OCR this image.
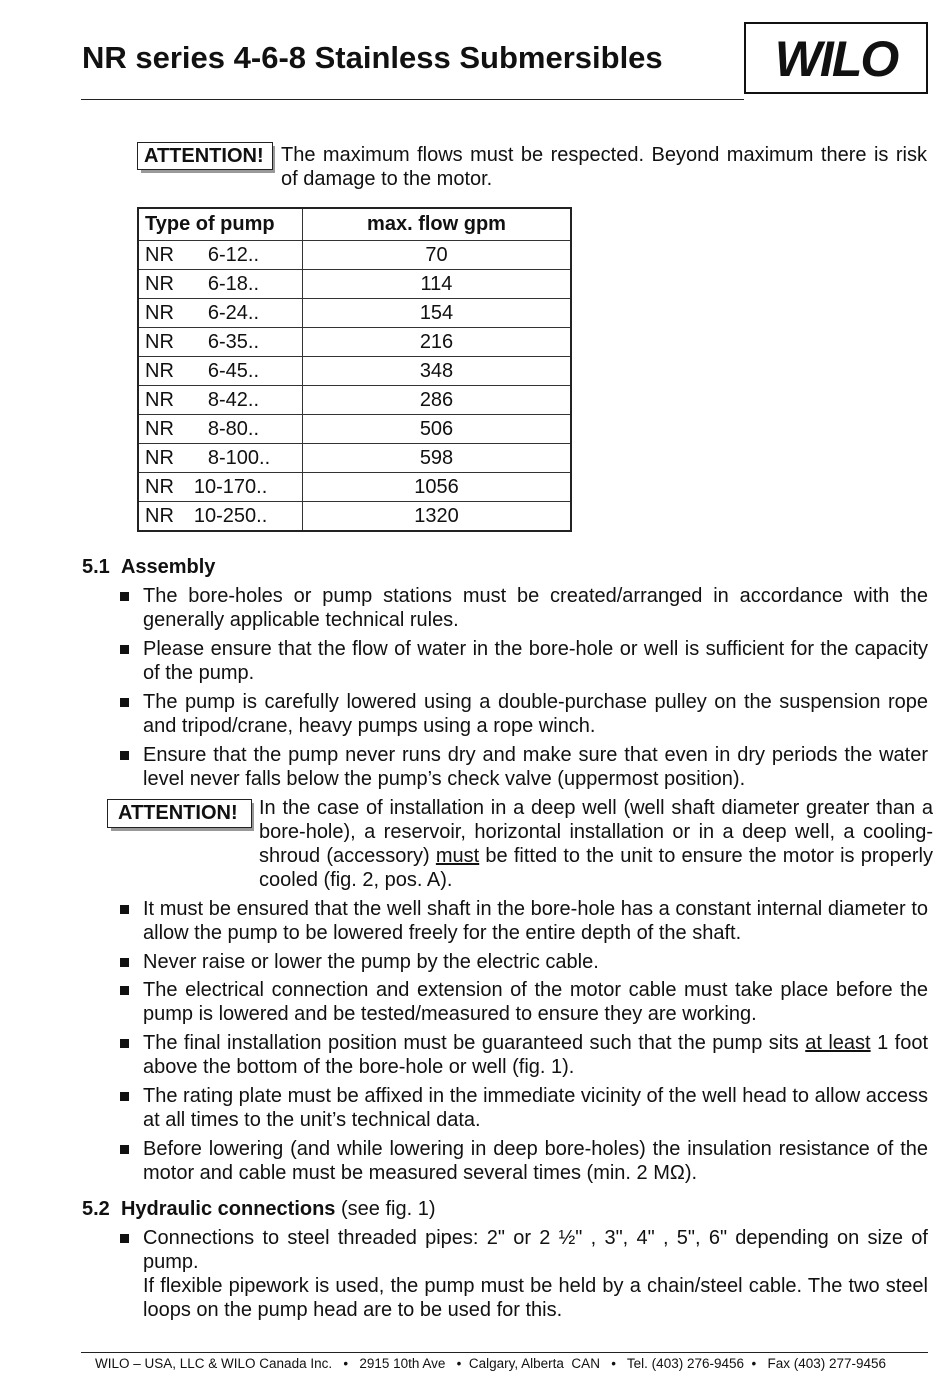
NR series 4-6-8 Stainless Submersibles WILO
ATTENTION! The maximum flows must be respected. Beyond maximum there is risk of damage to the motor.
Type of pump	max. flow gpm
NR 6-12..	70
NR 6-18..	114
NR 6-24..	154
NR 6-35..	216
NR 6-45..	348
NR 8-42..	286
NR 8-80..	506
NR 8-100..	598
NR 10-170..	1056
NR 10-250..	1320
5.1 Assembly
The bore-holes or pump stations must be created/arranged in accordance with the generally applicable technical rules.
Please ensure that the flow of water in the bore-hole or well is sufficient for the capacity of the pump.
The pump is carefully lowered using a double-purchase pulley on the suspension rope and tripod/crane, heavy pumps using a rope winch.
Ensure that the pump never runs dry and make sure that even in dry periods the water level never falls below the pump’s check valve (uppermost position).
ATTENTION!	In the case of installation in a deep well (well shaft diameter greater than a bore-hole), a reservoir, horizontal installation or in a deep well, a cooling-shroud (accessory) must be fitted to the unit to ensure the motor is properly cooled (fig. 2, pos. A).
It must be ensured that the well shaft in the bore-hole has a constant internal diameter to allow the pump to be lowered freely for the entire depth of the shaft.
Never raise or lower the pump by the electric cable.
The electrical connection and extension of the motor cable must take place before the pump is lowered and be tested/measured to ensure they are working.
The final installation position must be guaranteed such that the pump sits at least 1 foot above the bottom of the bore-hole or well (fig. 1).
The rating plate must be affixed in the immediate vicinity of the well head to allow access at all times to the unit’s technical data.
Before lowering (and while lowering in deep bore-holes) the insulation resistance of the motor and cable must be measured several times (min. 2 MΩ).
5.2 Hydraulic connections (see fig. 1)
Connections to steel threaded pipes: 2" or 2 ½" , 3", 4" , 5", 6" depending on size of pump.
If flexible pipework is used, the pump must be held by a chain/steel cable. The two steel loops on the pump head are to be used for this.
WILO – USA, LLC & WILO Canada Inc.   •   2915 10th Ave   •  Calgary, Alberta  CAN   •   Tel. (403) 276-9456  •   Fax (403) 277-9456
